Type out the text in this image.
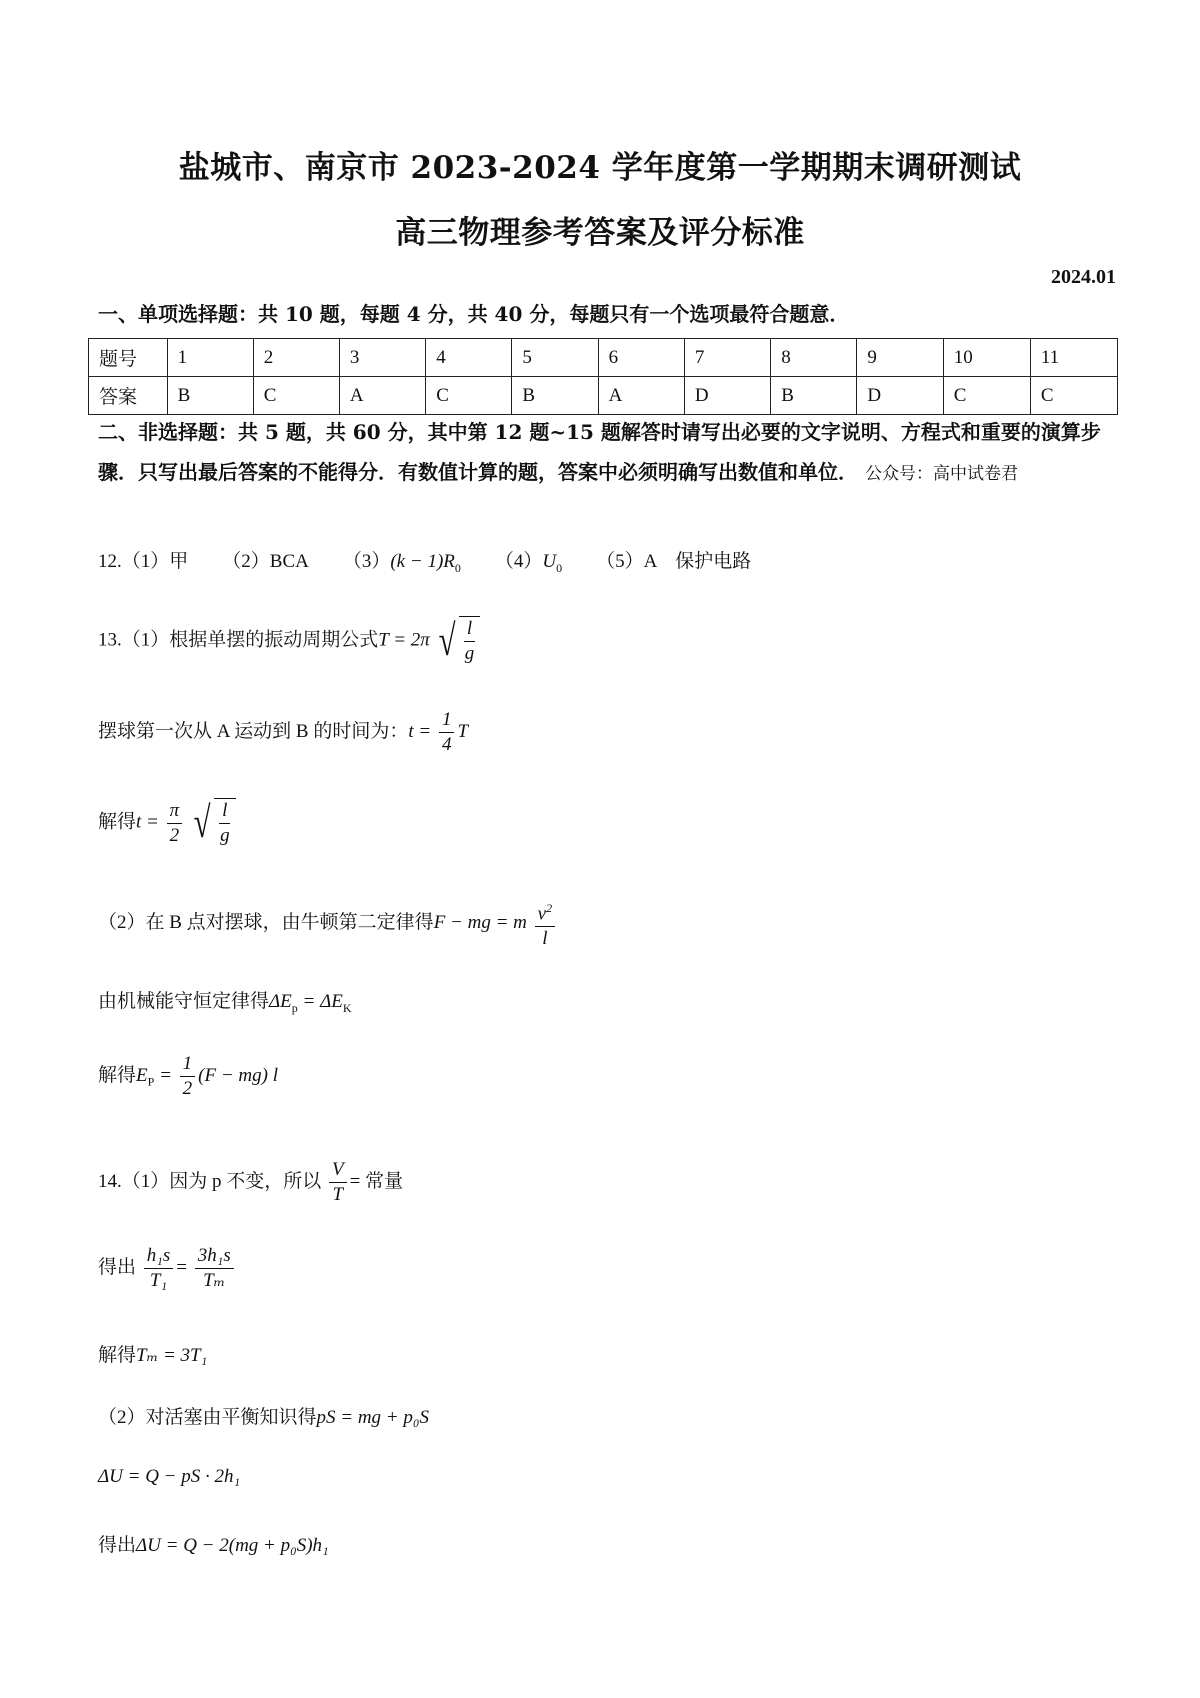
盐城市、南京市 2023-2024 学年度第一学期期末调研测试
高三物理参考答案及评分标准
2024.01
一、单项选择题：共 10 题，每题 4 分，共 40 分，每题只有一个选项最符合题意．
题号	1	2	3	4	5	6	7	8	9	10	11
答案	B	C	A	C	B	A	D	B	D	C	C
二、非选择题：共 5 题，共 60 分，其中第 12 题~15 题解答时请写出必要的文字说明、方程式和重要的演算步骤．只写出最后答案的不能得分．有数值计算的题，答案中必须明确写出数值和单位． 公众号：高中试卷君
12.（1）甲 （2）BCA $(3)(k - 1)R_0$ $(4)U_0$ （5）A　保护电路
13.（1）根据单摆的振动周期公式T = 2π √ $\frac{l}{g}$
摆球第一次从 A 运动到 B 的时间为：$t = \frac{1}{4}$ T
解得$t = \frac{\pi}{2}$
√ $\frac{l}{g}$
（2）在 B 点对摆球，由牛顿第二定律得F − mg = m $\frac{v^2}{l}$
由机械能守恒定律得$\Delta E_p = \Delta E_K$
解得$E_P = \frac{1}{2} (F - mg)$ l
14.（1）因为 p 不变，所以 $\frac{V}{T}$ = 常量
得出 $\frac{\text{h₁s}}{\text{T₁}} = \frac{\text{3h₁s}}{\text{Tₘ}}$
解得Tₘ = 3T₁
（2）对活塞由平衡知识得pS = mg + p₀S
ΔU = Q − pS · 2h₁
得出ΔU = Q − 2(mg + p₀S)h₁
